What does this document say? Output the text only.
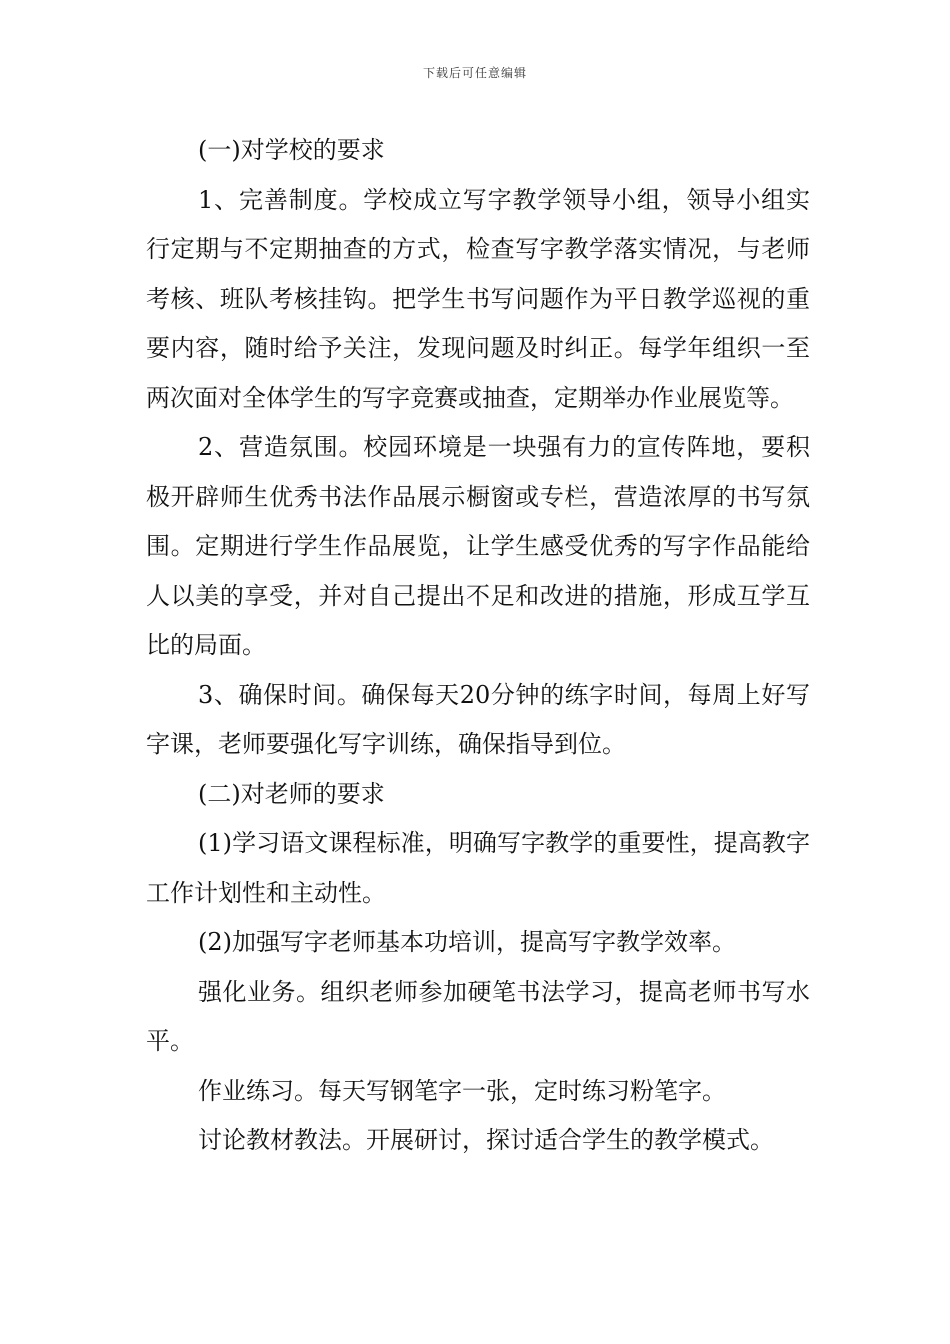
下载后可任意编辑

(一)对学校的要求

1、完善制度。学校成立写字教学领导小组，领导小组实行定期与不定期抽查的方式，检查写字教学落实情况，与老师考核、班队考核挂钩。把学生书写问题作为平日教学巡视的重要内容，随时给予关注，发现问题及时纠正。每学年组织一至两次面对全体学生的写字竞赛或抽查，定期举办作业展览等。

2、营造氛围。校园环境是一块强有力的宣传阵地，要积极开辟师生优秀书法作品展示橱窗或专栏，营造浓厚的书写氛围。定期进行学生作品展览，让学生感受优秀的写字作品能给人以美的享受，并对自己提出不足和改进的措施，形成互学互比的局面。

3、确保时间。确保每天20分钟的练字时间，每周上好写字课，老师要强化写字训练，确保指导到位。

(二)对老师的要求

(1)学习语文课程标准，明确写字教学的重要性，提高教字工作计划性和主动性。

(2)加强写字老师基本功培训，提高写字教学效率。

强化业务。组织老师参加硬笔书法学习，提高老师书写水平。

作业练习。每天写钢笔字一张，定时练习粉笔字。

讨论教材教法。开展研讨，探讨适合学生的教学模式。
